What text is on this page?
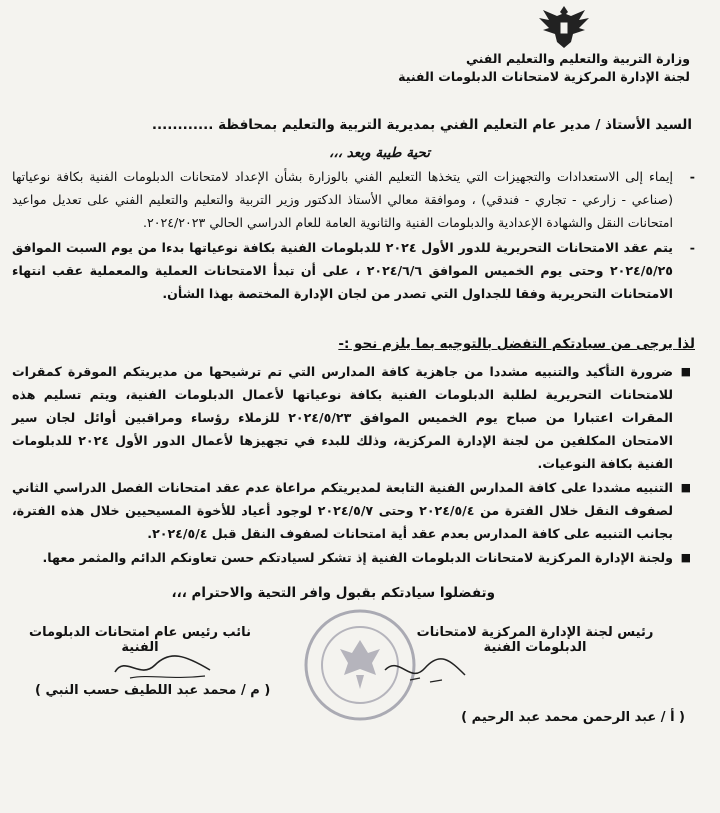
وزارة التربية والتعليم والتعليم الفني
لجنة الإدارة المركزية لامتحانات الدبلومات الفنية
السيد الأستاذ / مدير عام التعليم الفني بمديرية التربية والتعليم بمحافظة ............
تحية طيبة وبعد ،،،
-
إيماء إلى الاستعدادات والتجهيزات التي يتخذها التعليم الفني بالوزارة بشأن الإعداد لامتحانات الدبلومات الفنية بكافة نوعياتها (صناعي - زارعي - تجاري - فندقي) ، وموافقة معالي الأستاذ الدكتور وزير التربية والتعليم والتعليم الفني على تعديل مواعيد امتحانات النقل والشهادة الإعدادية والدبلومات الفنية والثانوية العامة للعام الدراسي الحالي ٢٠٢٤/٢٠٢٣.
-
يتم عقد الامتحانات التحريرية للدور الأول ٢٠٢٤ للدبلومات الفنية بكافة نوعياتها بدءا من يوم السبت الموافق ٢٠٢٤/٥/٢٥ وحتى يوم الخميس الموافق ٢٠٢٤/٦/٦ ، على أن تبدأ الامتحانات العملية والمعملية عقب انتهاء الامتحانات التحريرية وفقا للجداول التي تصدر من لجان الإدارة المختصة بهذا الشأن.
لذا يرجى من سيادتكم التفضل بالتوجيه بما يلزم نحو :-
■
ضرورة التأكيد والتنبيه مشددا من جاهزية كافة المدارس التي تم ترشيحها من مديريتكم الموقرة كمقرات للامتحانات التحريرية لطلبة الدبلومات الفنية بكافة نوعياتها لأعمال الدبلومات الفنية، ويتم تسليم هذه المقرات اعتبارا من صباح يوم الخميس الموافق ٢٠٢٤/٥/٢٣ للزملاء رؤساء ومراقبين أوائل لجان سير الامتحان المكلفين من لجنة الإدارة المركزية، وذلك للبدء في تجهيزها لأعمال الدور الأول ٢٠٢٤ للدبلومات الفنية بكافة النوعيات.
■
التنبيه مشددا على كافة المدارس الفنية التابعة لمديريتكم مراعاة عدم عقد امتحانات الفصل الدراسي الثاني لصفوف النقل خلال الفترة من ٢٠٢٤/٥/٤ وحتى ٢٠٢٤/٥/٧ لوجود أعياد للأخوة المسيحيين خلال هذه الفترة، بجانب التنبيه على كافة المدارس بعدم عقد أية امتحانات لصفوف النقل قبل ٢٠٢٤/٥/٤.
■
ولجنة الإدارة المركزية لامتحانات الدبلومات الفنية إذ تشكر لسيادتكم حسن تعاونكم الدائم والمثمر معها.
وتفضلوا سيادتكم بقبول وافر التحية والاحترام ،،،
رئيس لجنة الإدارة المركزية لامتحانات الدبلومات الفنية
نائب رئيس عام امتحانات الدبلومات الفنية
( م / محمد عبد اللطيف حسب النبي )
( أ / عبد الرحمن محمد عبد الرحيم )
